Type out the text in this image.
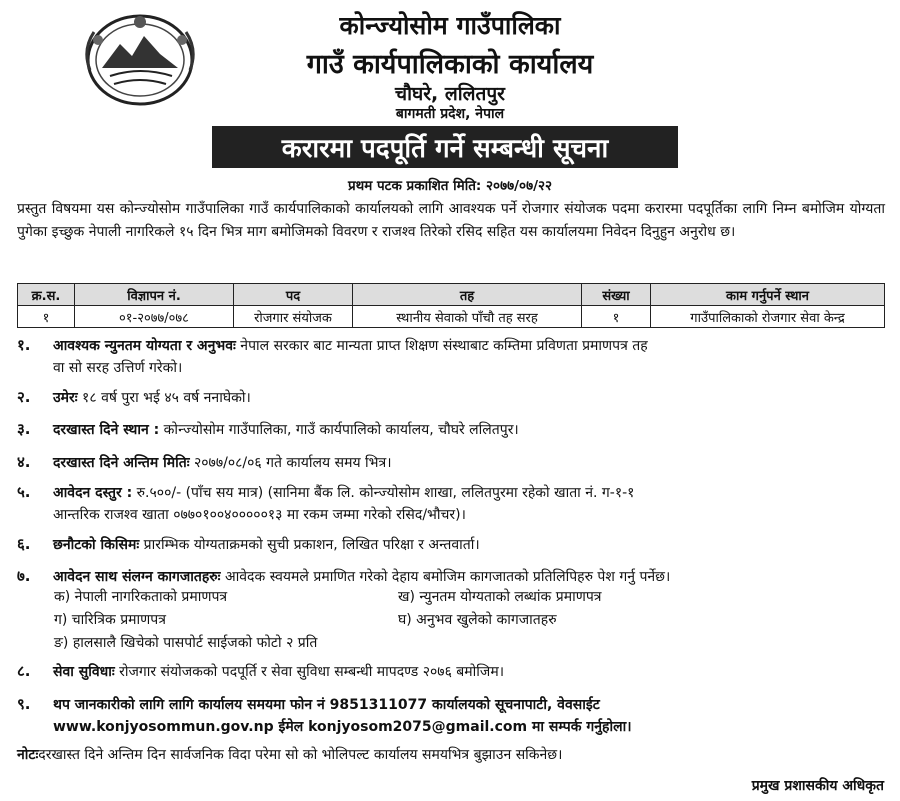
कोन्ज्योसोम गाउँपालिका
गाउँ कार्यपालिकाको कार्यालय
चौघरे, ललितपुर
बागमती प्रदेश, नेपाल
करारमा पदपूर्ति गर्ने सम्बन्धी सूचना
प्रथम पटक प्रकाशित मिति: २०७७/०७/२२
प्रस्तुत विषयमा यस कोन्ज्योसोम गाउँपालिका गाउँ कार्यपालिकाको कार्यालयको लागि आवश्यक पर्ने रोजगार संयोजक पदमा करारमा पदपूर्तिका लागि निम्न बमोजिम योग्यता पुगेका इच्छुक नेपाली नागरिकले १५ दिन भित्र माग बमोजिमको विवरण र राजश्व तिरेको रसिद सहित यस कार्यालयमा निवेदन दिनुहुन अनुरोध छ।
क्र.स.	विज्ञापन नं.	पद	तह	संख्या	काम गर्नुपर्ने स्थान
१	०१-२०७७/०७८	रोजगार संयोजक	स्थानीय सेवाको पाँचौ तह सरह	१	गाउँपालिकाको रोजगार सेवा केन्द्र
१. आवश्यक न्युनतम योग्यता र अनुभवः नेपाल सरकार बाट मान्यता प्राप्त शिक्षण संस्थाबाट कम्तिमा प्रविणता प्रमाणपत्र तह
वा सो सरह उत्तिर्ण गरेको।
२. उमेरः १८ वर्ष पुरा भई ४५ वर्ष ननाघेको।
३. दरखास्त दिने स्थान : कोन्ज्योसोम गाउँपालिका, गाउँ कार्यपालिको कार्यालय, चौघरे ललितपुर।
४. दरखास्त दिने अन्तिम मितिः २०७७/०८/०६ गते कार्यालय समय भित्र।
५. आवेदन दस्तुर : रु.५००/- (पाँच सय मात्र) (सानिमा बैंक लि. कोन्ज्योसोम शाखा, ललितपुरमा रहेको खाता नं. ग-१-१
आन्तरिक राजश्व खाता ०७७०१००४०००००१३ मा रकम जम्मा गरेको रसिद/भौचर)।
६. छनौटको किसिमः प्रारम्भिक योग्यताक्रमको सुची प्रकाशन, लिखित परिक्षा र अन्तवार्ता।
७. आवेदन साथ संलग्न कागजातहरुः आवेदक स्वयमले प्रमाणित गरेको देहाय बमोजिम कागजातको प्रतिलिपिहरु पेश गर्नु पर्नेछ।
क) नेपाली नागरिकताको प्रमाणपत्र	ख) न्युनतम योग्यताको लब्धांक प्रमाणपत्र
ग) चारित्रिक प्रमाणपत्र	घ) अनुभव खुलेको कागजातहरु
ङ) हालसालै खिचेको पासपोर्ट साईजको फोटो २ प्रति
८. सेवा सुविधाः रोजगार संयोजकको पदपूर्ति र सेवा सुविधा सम्बन्धी मापदण्ड २०७६ बमोजिम।
९. थप जानकारीको लागि लागि कार्यालय समयमा फोन नं 9851311077 कार्यालयको सूचनापाटी, वेवसाईट
www.konjyosommun.gov.np ईमेल konjyosom2075@gmail.com मा सम्पर्क गर्नुहोला।
नोटःदरखास्त दिने अन्तिम दिन सार्वजनिक विदा परेमा सो को भोलिपल्ट कार्यालय समयभित्र बुझाउन सकिनेछ।
प्रमुख प्रशासकीय अधिकृत
